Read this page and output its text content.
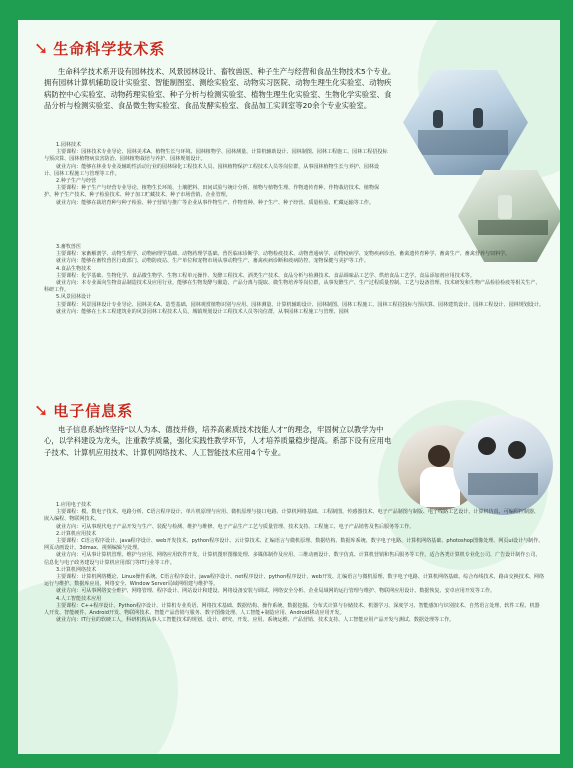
➘ 生命科学技术系

生命科学技术系开设有园林技术、风景园林设计、畜牧兽医、种子生产与经营和食品生物技术5个专业。拥有园林计算机辅助设计实验室、智能制图室、测绘实验室、动物实习医院、动物生理生化实验室、动物疾病防控中心实验室、动物药理实验室、种子分析与检测实验室、植物生理生化实验室、生物化学实验室、食品分析与检测实验室、食品微生物实验室、食品发酵实验室、食品加工实训室等20余个专业实验室。

1.园林技术
主要课程：园林技术专业导论、园林美术A、植物生长与环境、园林植物学、园林测量、计算机辅助设计、园林制图、园林工程施工、园林工程招投标与预决算、园林植物病虫害防治、园林植物栽培与养护、园林规划设计。
就业方向：能够在林业专业及辅助性活动行业的园林绿化工程技术人员、园林植物保护工程技术人员等岗位群，从事园林植物生长与养护、园林设计、园林工程施工与管理等工作。
2.种子生产与经营
主要课程：种子生产与经营专业导论、植物生长环境、土壤肥料、田间试验与统计分析、植物与植物生理、作物遗传育种、作物栽培技术、植物保护、种子生产技术、种子检验技术、种子加工贮藏技术、种子市场营销、企业管理。
就业方向：能够在栽培育种与种子检验、种子营销与推广等企业从事作物生产、作物育种、种子生产、种子经营、质量检验、贮藏运输等工作。
3.畜牧兽医
主要课程：家畜解剖学、动物生理学、动物病理学基础、动物药理学基础、兽医临床诊断学、动物检疫技术、动物普通病学、动物疫病学、宠物疾病诊治、畜禽遗传育种学、畜禽生产、畜禽营养与饲料学。
就业方向：能够在畜牧兽医行政部门、动物防疫站、生产单位和宠物市场从事动物生产、畜禽疾病诊断和疫病防控、宠物保健与美护等工作。
4.食品生物技术
主要课程：化学基础、生物化学、食品微生物学、生物工程单元操作、发酵工程技术、酒类生产技术、食品分析与检测技术、食品调味品工艺学、烘焙食品工艺学、食品添加剂应用技术等。
就业方向：本专业面向生物食品制造技术及应用行业，能够在生物发酵与酿造、产品分离与提取、微生物培养等岗位群，从事发酵生产、生产过程质量控制、工艺与设备管理、技术研发和生物产品检验检疫等相关生产、科研工作。
5.风景园林设计
主要课程：风景园林设计专业导论、园林美术A、造型基础、园林观赏植物识别与应用、园林测量、计算机辅助设计、园林制图、园林工程施工、园林工程招投标与预决算、园林建筑设计、园林工程设计、园林规划设计。
就业方向：能够在土木工程建筑业的风景园林工程技术人员、城镇规划设计工程技术人员等岗位群，从事园林工程施工与管理、园林
➘ 电子信息系

电子信息系始终坚持“以人为本、德技并修，培养高素质技术技能人才”的理念，牢固树立以教学为中心，以学科建设为龙头，注重教学质量，强化实践性教学环节，人才培养质量稳步提高。系部下设有应用电子技术、计算机应用技术、计算机网络技术、人工智能技术应用4个专业。

1.应用电子技术
主要课程：模、数电子技术、电路分析、C语言程序设计、单片机原理与应用、微机原理与接口电路、计算机网络基础、工程制图、传感器技术、电子产品制图与制版、电子线路工艺设计、计算机仿真、可编程控制器、嵌入编程、物联网技术。
就业方向：可从事现代电子产品开发与生产、装配与检测、维护与维修、电子产品生产工艺与质量管理、技术支持、工程施工、电子产品销售及售后服务等工作。
2.计算机应用技术
主要课程：C语言程序设计、java程序设计、web开发技术、python程序设计、云计算技术、汇编语言与微机原理、数据结构、数据库系统、数字电子电路、计算机网络基础、photoshop图像处理、网页ui设计与制作、网页动画设计、3dmax、视频编辑与处理。
就业方向：可从事计算机管理、维护与应用、网络应用软件开发、计算机图形图像处理、多媒体制作及应用、三维动画设计、数字仿真、计算机营销和售后服务等工作。适合各类计算机专业化公司、广告设计制作公司、信息化与电子政务建设与计算机应用部门等IT行业等工作。
3.计算机网络技术
主要课程：计算机网络概论、Linux操作系统、C语言程序设计、java程序设计、net程序设计、python程序设计、web开发、汇编语言与微机原理、数字电子电路、计算机网络基础、综合布线技术、路由交换技术、网络运行与维护、数据库应用、网络安全、Window Server局域网组建与维护等。
就业方向：可从事网络安全维护、网络管理、程序设计、网站设计和建设、网络设备安装与调试、网络安全分析、企业局域网的运行管理与维护、物联网应用设计、数据恢复、安卓应用开发等工作。
4.人工智能技术应用
主要课程：C++程序设计、Python程序设计、计算机专业英语、网络技术基础、数据结构、操作系统、数据挖掘、分布式计算与存储技术、机器学习、深度学习、智能感知与识别技术、自然语言处理、软件工程、机器人开发、智能硬件、Android开发、物联网技术、智能产品营销与服务、数字图像处理、人工智能+制造应用、Android移动应用开发。
就业方向：IT行业的软硬工人，科研机构从事人工智能技术的规划、设计、研究、开发、应用、系统运维、产品营销、技术支持、人工智能应用产品开发与测试、数据处理等工作。
